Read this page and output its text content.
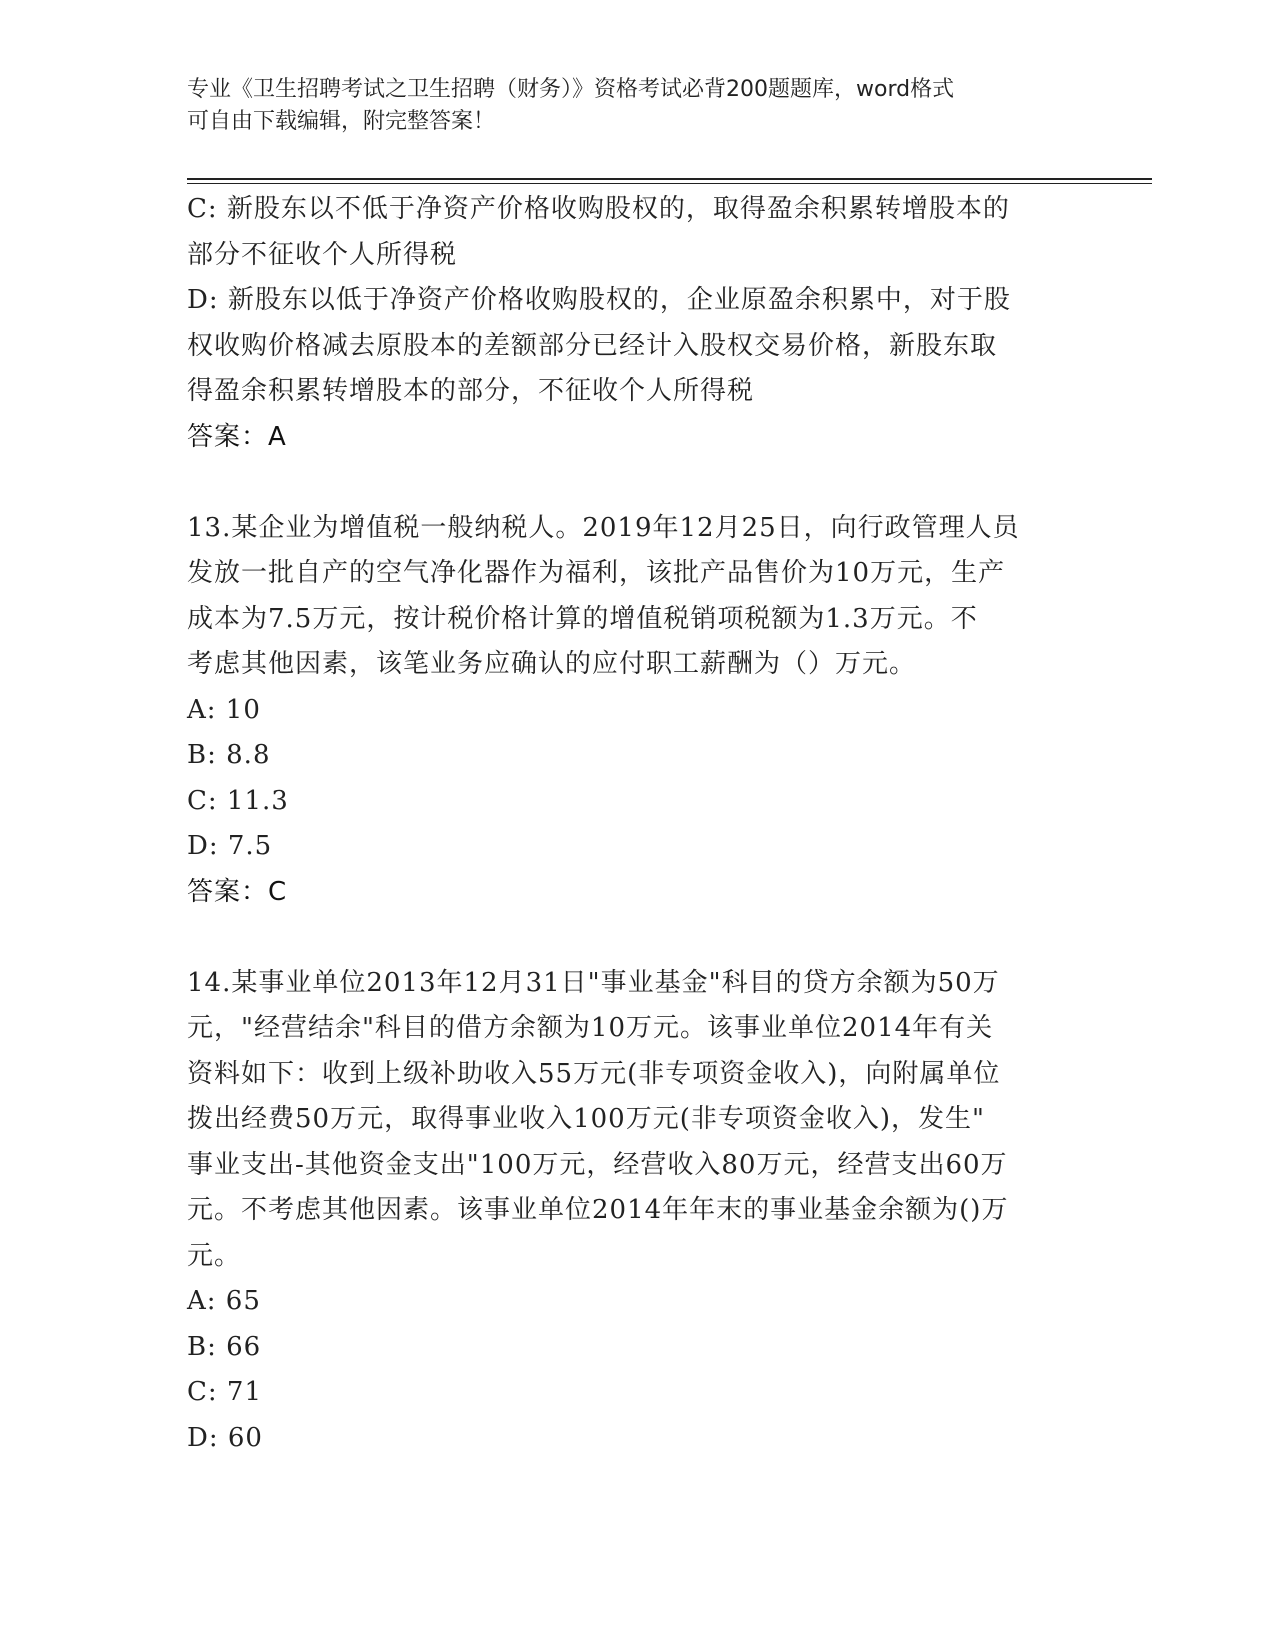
专业《卫生招聘考试之卫生招聘（财务）》资格考试必背200题题库，word格式
可自由下载编辑，附完整答案！
C: 新股东以不低于净资产价格收购股权的，取得盈余积累转增股本的
部分不征收个人所得税
D: 新股东以低于净资产价格收购股权的，企业原盈余积累中，对于股
权收购价格减去原股本的差额部分已经计入股权交易价格，新股东取
得盈余积累转增股本的部分，不征收个人所得税
答案：A
13.某企业为增值税一般纳税人。2019年12月25日，向行政管理人员
发放一批自产的空气净化器作为福利，该批产品售价为10万元，生产
成本为7.5万元，按计税价格计算的增值税销项税额为1.3万元。不
考虑其他因素，该笔业务应确认的应付职工薪酬为（）万元。
A: 10
B: 8.8
C: 11.3
D: 7.5
答案：C
14.某事业单位2013年12月31日"事业基金"科目的贷方余额为50万
元，"经营结余"科目的借方余额为10万元。该事业单位2014年有关
资料如下：收到上级补助收入55万元(非专项资金收入)，向附属单位
拨出经费50万元，取得事业收入100万元(非专项资金收入)，发生"
事业支出-其他资金支出"100万元，经营收入80万元，经营支出60万
元。不考虑其他因素。该事业单位2014年年末的事业基金余额为()万
元。
A: 65
B: 66
C: 71
D: 60
